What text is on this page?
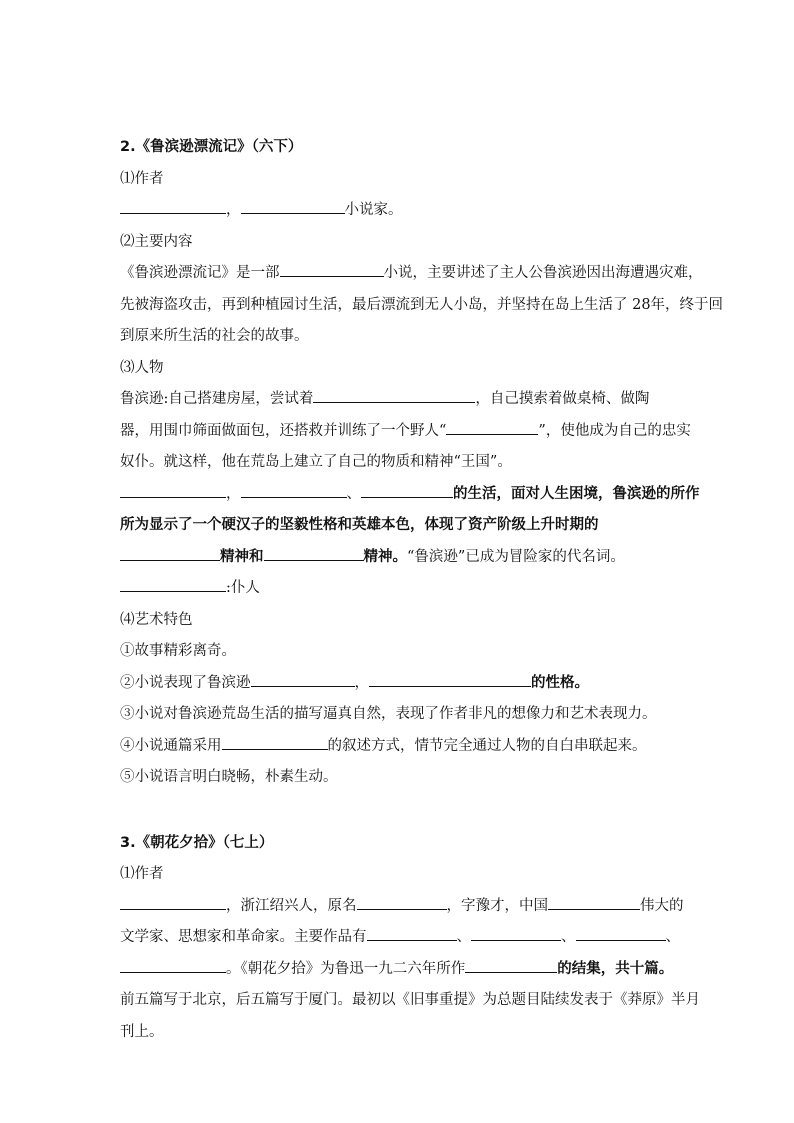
2.《鲁滨逊漂流记》（六下）
⑴作者
，	小说家。
⑵主要内容
《鲁滨逊漂流记》是一部	小说，主要讲述了主人公鲁滨逊因出海遭遇灾难，
先被海盗攻击，再到种植园讨生活，最后漂流到无人小岛，并坚持在岛上生活了 28年，终于回
到原来所生活的社会的故事。
⑶人物
鲁滨逊:自己搭建房屋，尝试着	，自己摸索着做桌椅、做陶
器，用围巾筛面做面包，还搭救并训练了一个野人“	”，使他成为自己的忠实
奴仆。就这样，他在荒岛上建立了自己的物质和精神“王国”。
，	、	的生活，面对人生困境，鲁滨逊的所作
所为显示了一个硬汉子的坚毅性格和英雄本色，体现了资产阶级上升时期的
精神和	精神。“鲁滨逊”已成为冒险家的代名词。
:仆人
⑷艺术特色
①故事精彩离奇。
②小说表现了鲁滨逊	，	的性格。
③小说对鲁滨逊荒岛生活的描写逼真自然，表现了作者非凡的想像力和艺术表现力。
④小说通篇采用	的叙述方式，情节完全通过人物的自白串联起来。
⑤小说语言明白晓畅，朴素生动。
3.《朝花夕拾》（七上）
⑴作者
，浙江绍兴人，原名	，字豫才，中国	伟大的
文学家、思想家和革命家。主要作品有	、	、	、
。《朝花夕拾》为鲁迅一九二六年所作	的结集，共十篇。
前五篇写于北京，后五篇写于厦门。最初以《旧事重提》为总题目陆续发表于《莽原》半月
刊上。
